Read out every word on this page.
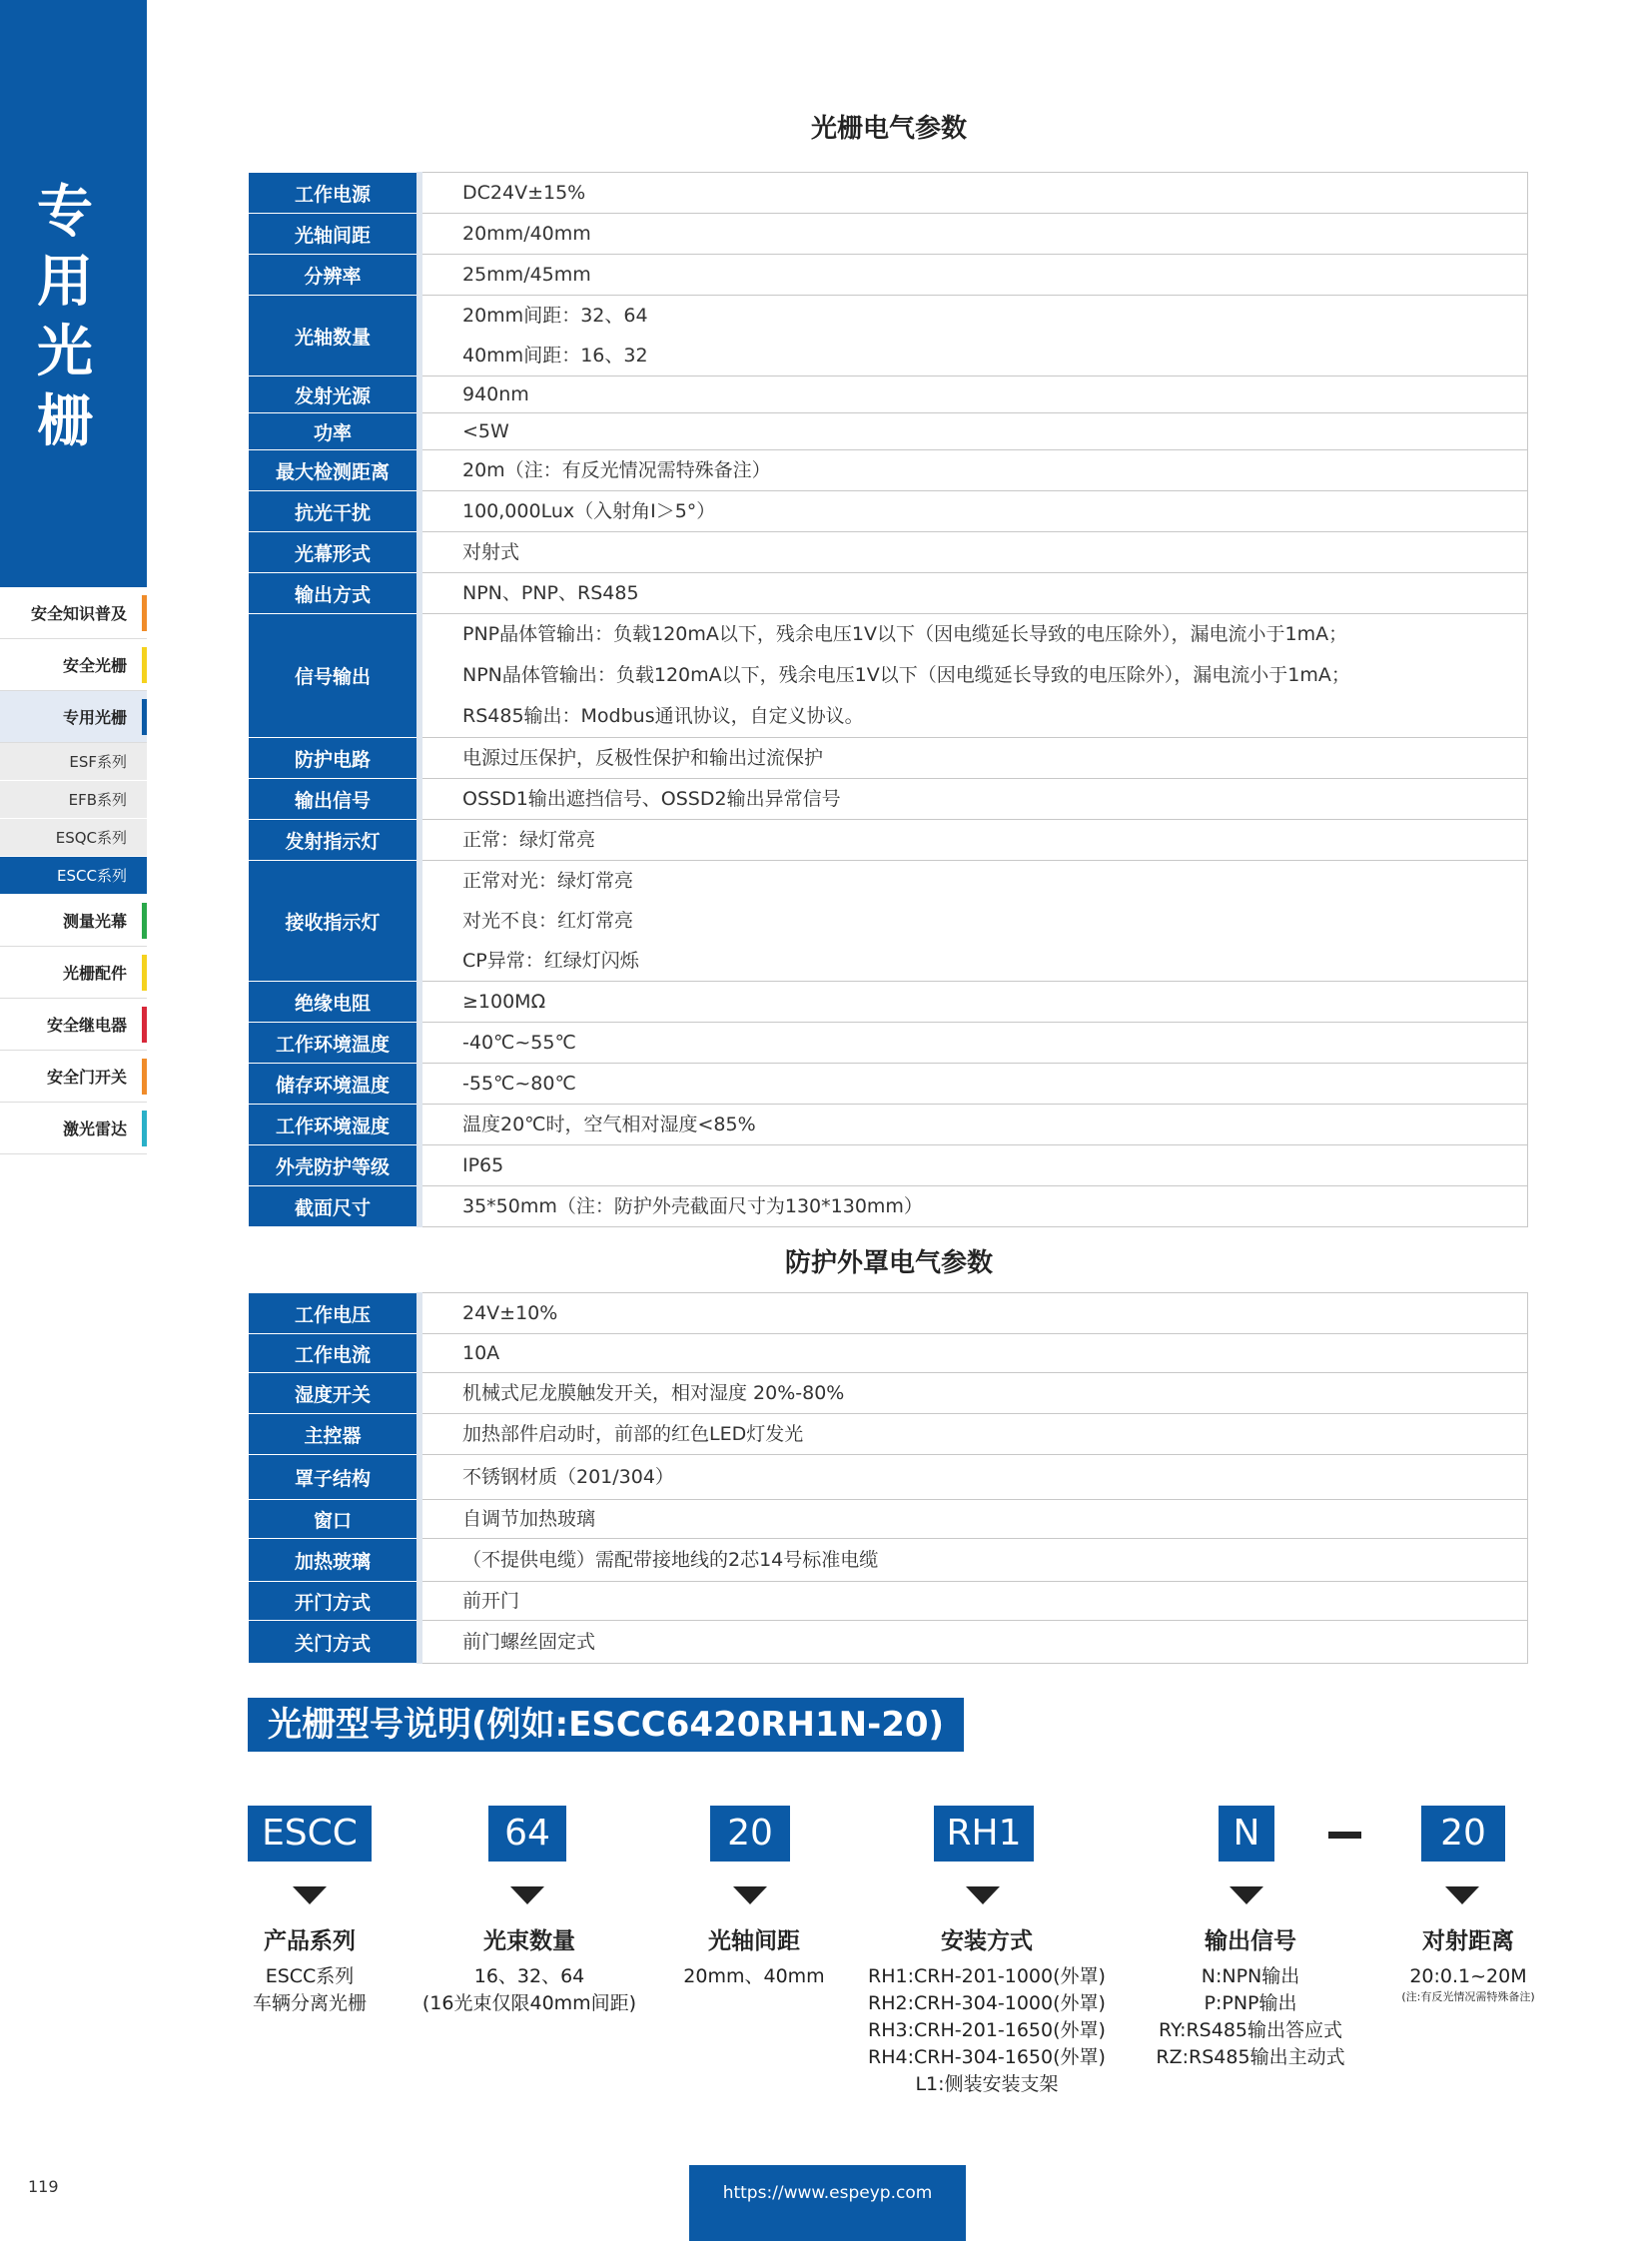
专
用
光
栅
安全知识普及
安全光栅
专用光栅
ESF系列
EFB系列
ESQC系列
ESCC系列
测量光幕
光栅配件
安全继电器
安全门开关
激光雷达
光栅电气参数
工作电源	DC24V±15%

光轴间距	20mm/40mm

分辨率	25mm/45mm

光轴数量	20mm间距：32、64
40mm间距：16、32

发射光源	940nm

功率	<5W

最大检测距离	20m（注：有反光情况需特殊备注）

抗光干扰	100,000Lux（入射角I＞5°）

光幕形式	对射式

输出方式	NPN、PNP、RS485

信号输出	PNP晶体管输出：负载120mA以下，残余电压1V以下（因电缆延长导致的电压除外），漏电流小于1mA；
NPN晶体管输出：负载120mA以下，残余电压1V以下（因电缆延长导致的电压除外），漏电流小于1mA；
RS485输出：Modbus通讯协议，自定义协议。

防护电路	电源过压保护，反极性保护和输出过流保护

输出信号	OSSD1输出遮挡信号、OSSD2输出异常信号

发射指示灯	正常：绿灯常亮

接收指示灯	正常对光：绿灯常亮
对光不良：红灯常亮
CP异常：红绿灯闪烁

绝缘电阻	≥100MΩ

工作环境温度	-40℃~55℃

储存环境温度	-55℃~80℃

工作环境湿度	温度20℃时，空气相对湿度<85%

外壳防护等级	IP65

截面尺寸	35*50mm（注：防护外壳截面尺寸为130*130mm）
防护外罩电气参数
工作电压	24V±10%

工作电流	10A

湿度开关	机械式尼龙膜触发开关，相对湿度 20%-80%

主控器	加热部件启动时，前部的红色LED灯发光

罩子结构	不锈钢材质（201/304）

窗口	自调节加热玻璃

加热玻璃	（不提供电缆）需配带接地线的2芯14号标准电缆

开门方式	前开门

关门方式	前门螺丝固定式
光栅型号说明(例如:ESCC6420RH1N-20)
ESCC	64	20	RH1	N	20
产品系列
ESCC系列
车辆分离光栅
光束数量
16、32、64
(16光束仅限40mm间距)
光轴间距
20mm、40mm
安装方式
RH1:CRH-201-1000(外罩)
RH2:CRH-304-1000(外罩)
RH3:CRH-201-1650(外罩)
RH4:CRH-304-1650(外罩)
L1:侧装安装支架
输出信号
N:NPN输出
P:PNP输出
RY:RS485输出答应式
RZ:RS485输出主动式
对射距离
20:0.1~20M
(注:有反光情况需特殊备注)
119	https://www.espeyp.com
